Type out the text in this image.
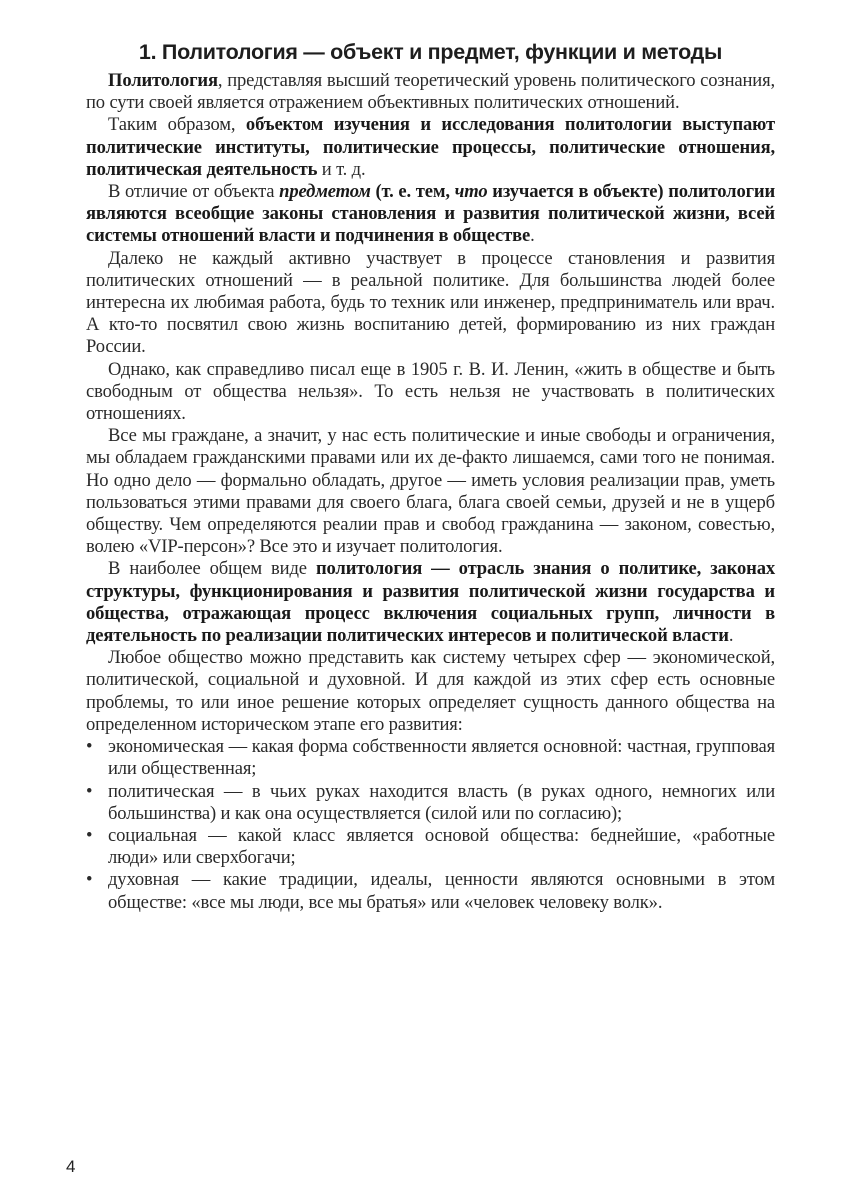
1. Политология — объект и предмет, функции и методы

Политология, представляя высший теоретический уровень политического сознания, по сути своей является отражением объективных политических отношений.

Таким образом, объектом изучения и исследования политологии выступают политические институты, политические процессы, политические отношения, политическая деятельность и т. д.

В отличие от объекта предметом (т. е. тем, что изучается в объекте) политологии являются всеобщие законы становления и развития политической жизни, всей системы отношений власти и подчинения в обществе.

Далеко не каждый активно участвует в процессе становления и развития политических отношений — в реальной политике. Для большинства людей более интересна их любимая работа, будь то техник или инженер, предприниматель или врач. А кто-то посвятил свою жизнь воспитанию детей, формированию из них граждан России.

Однако, как справедливо писал еще в 1905 г. В. И. Ленин, «жить в обществе и быть свободным от общества нельзя». То есть нельзя не участвовать в политических отношениях.

Все мы граждане, а значит, у нас есть политические и иные свободы и ограничения, мы обладаем гражданскими правами или их де-факто лишаемся, сами того не понимая. Но одно дело — формально обладать, другое — иметь условия реализации прав, уметь пользоваться этими правами для своего блага, блага своей семьи, друзей и не в ущерб обществу. Чем определяются реалии прав и свобод гражданина — законом, совестью, волею «VIP-персон»? Все это и изучает политология.

В наиболее общем виде политология — отрасль знания о политике, законах структуры, функционирования и развития политической жизни государства и общества, отражающая процесс включения социальных групп, личности в деятельность по реализации политических интересов и политической власти.

Любое общество можно представить как систему четырех сфер — экономической, политической, социальной и духовной. И для каждой из этих сфер есть основные проблемы, то или иное решение которых определяет сущность данного общества на определенном историческом этапе его развития:

• экономическая — какая форма собственности является основной: частная, групповая или общественная;
• политическая — в чьих руках находится власть (в руках одного, немногих или большинства) и как она осуществляется (силой или по согласию);
• социальная — какой класс является основой общества: беднейшие, «работные люди» или сверхбогачи;
• духовная — какие традиции, идеалы, ценности являются основными в этом обществе: «все мы люди, все мы братья» или «человек человеку волк».
4
